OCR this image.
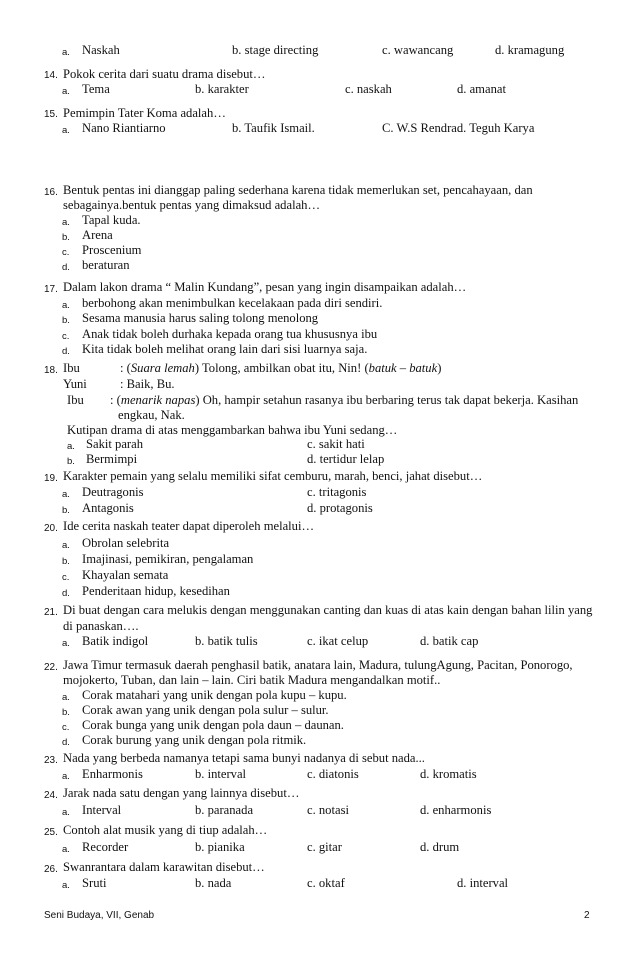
a. Naskah	b. stage directing	c. wawancang	d. kramagung
14. Pokok cerita dari suatu drama disebut…
a. Tema	b. karakter	c. naskah	d. amanat
15. Pemimpin Tater Koma adalah…
a. Nano Riantiarno	b. Taufik Ismail.	C. W.S Rendrad. Teguh Karya
16. Bentuk pentas ini dianggap paling sederhana karena tidak memerlukan set, pencahayaan, dan
sebagainya.bentuk pentas yang dimaksud adalah…
a. Tapal kuda.
b. Arena
c. Proscenium
d. beraturan
17. Dalam lakon drama “ Malin Kundang”, pesan yang ingin disampaikan adalah…
a. berbohong akan menimbulkan kecelakaan pada diri sendiri.
b. Sesama manusia harus saling tolong menolong
c. Anak tidak boleh durhaka kepada orang tua khususnya ibu
d. Kita tidak boleh melihat orang lain dari sisi luarnya saja.
18. Ibu	: (Suara lemah) Tolong, ambilkan obat itu, Nin! (batuk – batuk)
Yuni	: Baik, Bu.
Ibu : (menarik napas) Oh, hampir setahun rasanya ibu berbaring terus tak dapat bekerja. Kasihan
engkau, Nak.
Kutipan drama di atas menggambarkan bahwa ibu Yuni sedang…
a. Sakit parah	c. sakit hati
b. Bermimpi	d. tertidur lelap
19. Karakter pemain yang selalu memiliki sifat cemburu, marah, benci, jahat disebut…
a. Deutragonis	c. tritagonis
b. Antagonis	d. protagonis
20. Ide cerita naskah teater dapat diperoleh melalui…
a. Obrolan selebrita
b. Imajinasi, pemikiran, pengalaman
c. Khayalan semata
d. Penderitaan hidup, kesedihan
21. Di buat dengan cara melukis dengan menggunakan canting dan kuas di atas kain dengan bahan lilin yang
di panaskan….
a. Batik indigol	b. batik tulis	c. ikat celup	d. batik cap
22. Jawa Timur termasuk daerah penghasil batik, anatara lain, Madura, tulungAgung, Pacitan, Ponorogo,
mojokerto, Tuban, dan lain – lain. Ciri batik Madura mengandalkan motif..
a. Corak matahari yang unik dengan pola kupu – kupu.
b. Corak awan yang unik dengan pola sulur – sulur.
c. Corak bunga yang unik dengan pola daun – daunan.
d. Corak burung yang unik dengan pola ritmik.
23. Nada yang berbeda namanya tetapi sama bunyi nadanya di sebut nada...
a. Enharmonis	b. interval	c. diatonis	d. kromatis
24. Jarak nada satu dengan yang lainnya disebut…
a. Interval	b. paranada	c. notasi	d. enharmonis
25. Contoh alat musik yang di tiup adalah…
a. Recorder	b. pianika	c. gitar	d. drum
26. Swanrantara dalam karawitan disebut…
a. Sruti	b. nada	c. oktaf	d. interval
Seni Budaya, VII, Genab	2
